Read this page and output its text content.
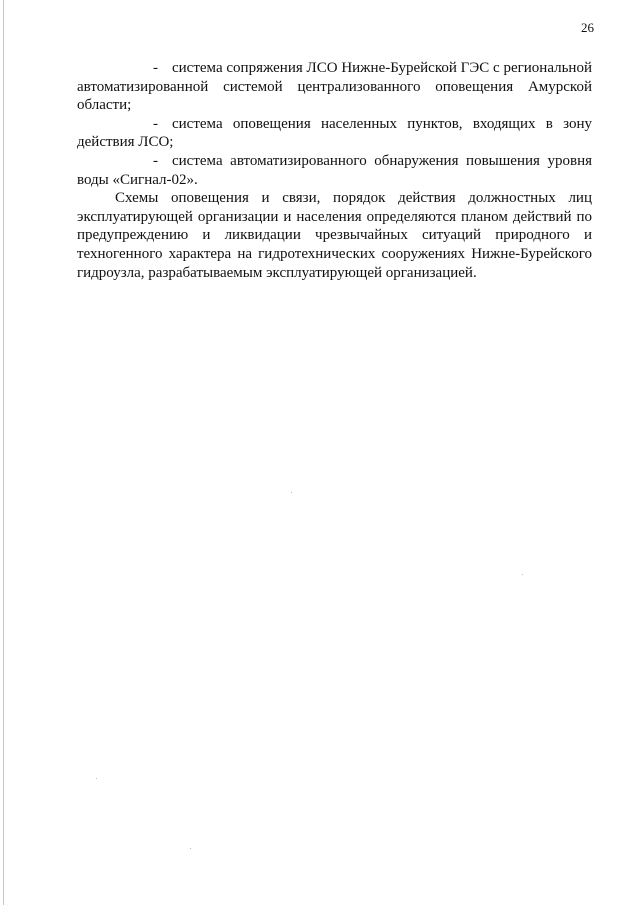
26

- система сопряжения ЛСО Нижне-Бурейской ГЭС с региональной автоматизированной системой централизованного оповещения Амурской области;

- система оповещения населенных пунктов, входящих в зону действия ЛСО;

- система автоматизированного обнаружения повышения уровня воды «Сигнал-02».

Схемы оповещения и связи, порядок действия должностных лиц эксплуатирующей организации и населения определяются планом действий по предупреждению и ликвидации чрезвычайных ситуаций природного и техногенного характера на гидротехнических сооружениях Нижне-Бурейского гидроузла, разрабатываемым эксплуатирующей организацией.
